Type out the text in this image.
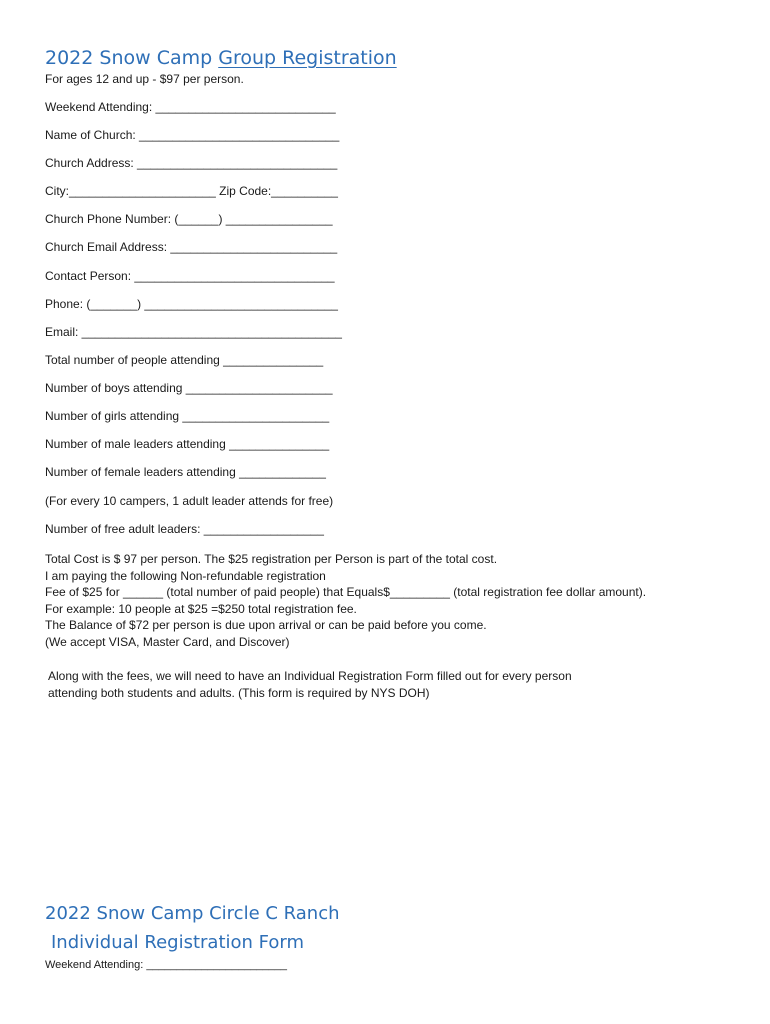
2022 Snow Camp Group Registration
For ages 12 and up - $97 per person.
Weekend Attending: ___________________________
Name of Church: ______________________________
Church Address: ______________________________
City:______________________ Zip Code:__________
Church Phone Number: (______) ________________
Church Email Address: _________________________
Contact Person: ______________________________
Phone: (_______) _____________________________
Email: _______________________________________
Total number of people attending _______________
Number of boys attending ______________________
Number of girls attending ______________________
Number of male leaders attending _______________
Number of female leaders attending _____________
(For every 10 campers, 1 adult leader attends for free)
Number of free adult leaders: __________________
Total Cost is $ 97 per person. The $25 registration per Person is part of the total cost.
I am paying the following Non-refundable registration
Fee of $25 for ______ (total number of paid people) that Equals$_________ (total registration fee dollar amount).
For example: 10 people at $25 =$250 total registration fee.
The Balance of $72 per person is due upon arrival or can be paid before you come.
(We accept VISA, Master Card, and Discover)
Along with the fees, we will need to have an Individual Registration Form filled out for every person
attending both students and adults. (This form is required by NYS DOH)
2022 Snow Camp Circle C Ranch
Individual Registration Form
Weekend Attending: _______________________
